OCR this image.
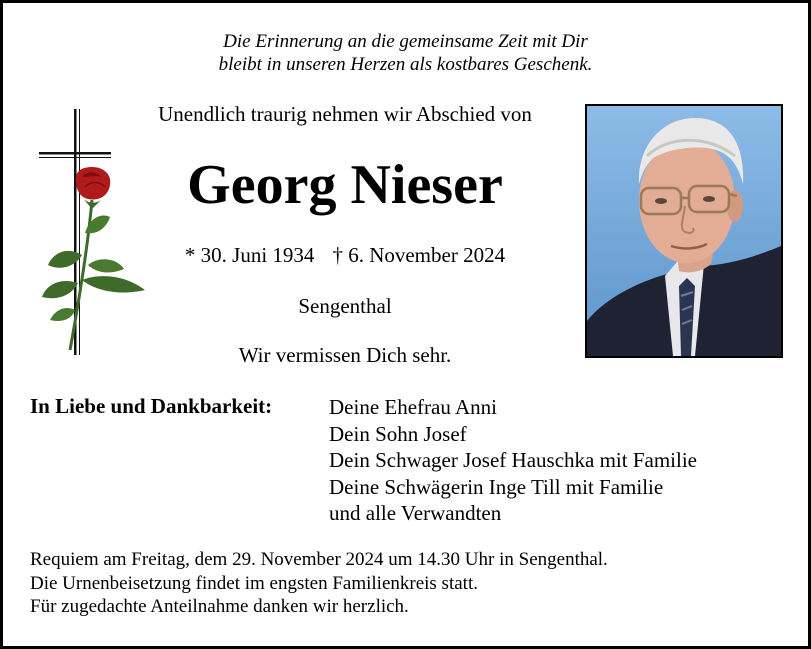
Die Erinnerung an die gemeinsame Zeit mit Dir
bleibt in unseren Herzen als kostbares Geschenk.
Unendlich traurig nehmen wir Abschied von
Georg Nieser
* 30. Juni 1934 † 6. November 2024
Sengenthal
Wir vermissen Dich sehr.
In Liebe und Dankbarkeit:	Deine Ehefrau Anni
Dein Sohn Josef
Dein Schwager Josef Hauschka mit Familie
Deine Schwägerin Inge Till mit Familie
und alle Verwandten
Requiem am Freitag, dem 29. November 2024 um 14.30 Uhr in Sengenthal.
Die Urnenbeisetzung findet im engsten Familienkreis statt.
Für zugedachte Anteilnahme danken wir herzlich.
